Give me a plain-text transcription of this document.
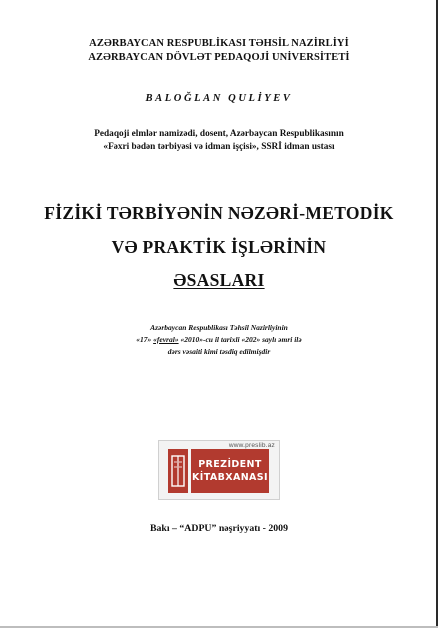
AZƏRBAYCAN RESPUBLİKASI TƏHSİL NAZİRLİYİ
AZƏRBAYCAN DÖVLƏT PEDAQOJİ UNİVERSİTETİ
BALOĞLAN QULİYEV
Pedaqoji elmlər namizədi, dosent, Azərbaycan Respublikasının
«Fəxri bədən tərbiyəsi və idman işçisi», SSRİ idman ustası
FİZİKİ TƏRBİYƏNİN NƏZƏRİ-METODİK
VƏ PRAKTİK İŞLƏRİNİN
ƏSASLARI
Azərbaycan Respublikası Təhsil Nazirliyinin
«17» «fevral» «2010»-cu il tarixli «202» saylı əmri ilə
dərs vəsaiti kimi təsdiq edilmişdir
www.preslib.az
PREZİDENT
KİTABXANASI
Bakı – “ADPU” nəşriyyatı - 2009
